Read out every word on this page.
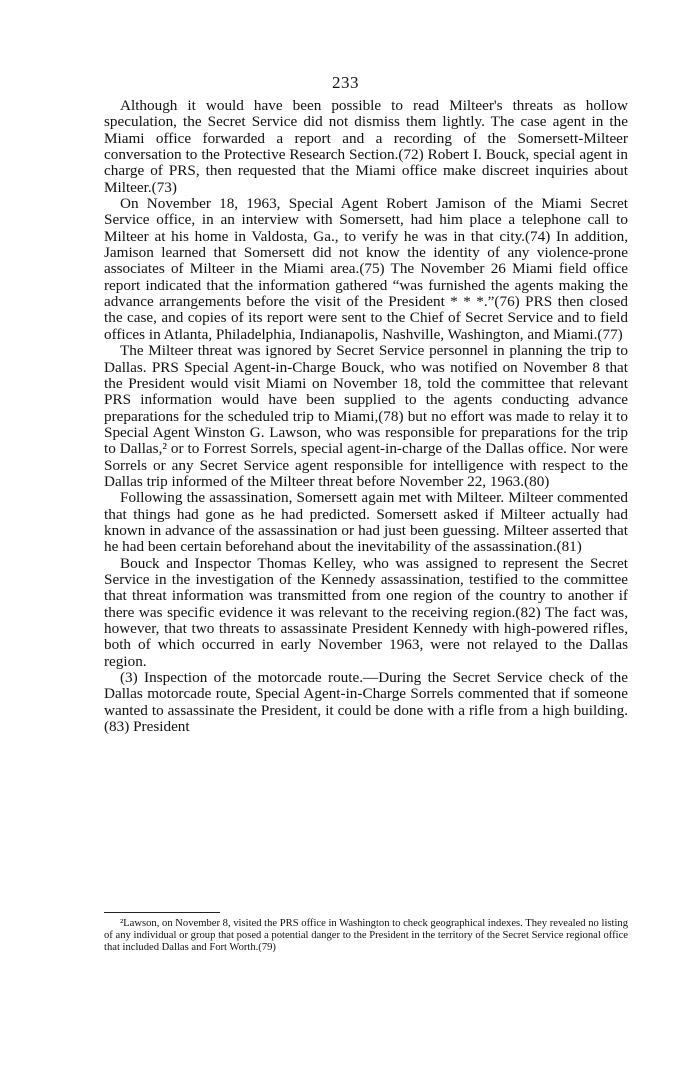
233

Although it would have been possible to read Milteer's threats as hollow speculation, the Secret Service did not dismiss them lightly. The case agent in the Miami office forwarded a report and a recording of the Somersett-Milteer conversation to the Protective Research Section.(72) Robert I. Bouck, special agent in charge of PRS, then requested that the Miami office make discreet inquiries about Milteer.(73)

On November 18, 1963, Special Agent Robert Jamison of the Miami Secret Service office, in an interview with Somersett, had him place a telephone call to Milteer at his home in Valdosta, Ga., to verify he was in that city.(74) In addition, Jamison learned that Somersett did not know the identity of any violence-prone associates of Milteer in the Miami area.(75) The November 26 Miami field office report indicated that the information gathered “was furnished the agents making the advance arrangements before the visit of the President * * *.”(76) PRS then closed the case, and copies of its report were sent to the Chief of Secret Service and to field offices in Atlanta, Philadelphia, Indianapolis, Nashville, Washington, and Miami.(77)

The Milteer threat was ignored by Secret Service personnel in planning the trip to Dallas. PRS Special Agent-in-Charge Bouck, who was notified on November 8 that the President would visit Miami on November 18, told the committee that relevant PRS information would have been supplied to the agents conducting advance preparations for the scheduled trip to Miami,(78) but no effort was made to relay it to Special Agent Winston G. Lawson, who was responsible for preparations for the trip to Dallas,² or to Forrest Sorrels, special agent-in-charge of the Dallas office. Nor were Sorrels or any Secret Service agent responsible for intelligence with respect to the Dallas trip informed of the Milteer threat before November 22, 1963.(80)

Following the assassination, Somersett again met with Milteer. Milteer commented that things had gone as he had predicted. Somersett asked if Milteer actually had known in advance of the assassination or had just been guessing. Milteer asserted that he had been certain beforehand about the inevitability of the assassination.(81)

Bouck and Inspector Thomas Kelley, who was assigned to represent the Secret Service in the investigation of the Kennedy assassination, testified to the committee that threat information was transmitted from one region of the country to another if there was specific evidence it was relevant to the receiving region.(82) The fact was, however, that two threats to assassinate President Kennedy with high-powered rifles, both of which occurred in early November 1963, were not relayed to the Dallas region.

(3) Inspection of the motorcade route.—During the Secret Service check of the Dallas motorcade route, Special Agent-in-Charge Sorrels commented that if someone wanted to assassinate the President, it could be done with a rifle from a high building.(83) President

²Lawson, on November 8, visited the PRS office in Washington to check geographical indexes. They revealed no listing of any individual or group that posed a potential danger to the President in the territory of the Secret Service regional office that included Dallas and Fort Worth.(79)
